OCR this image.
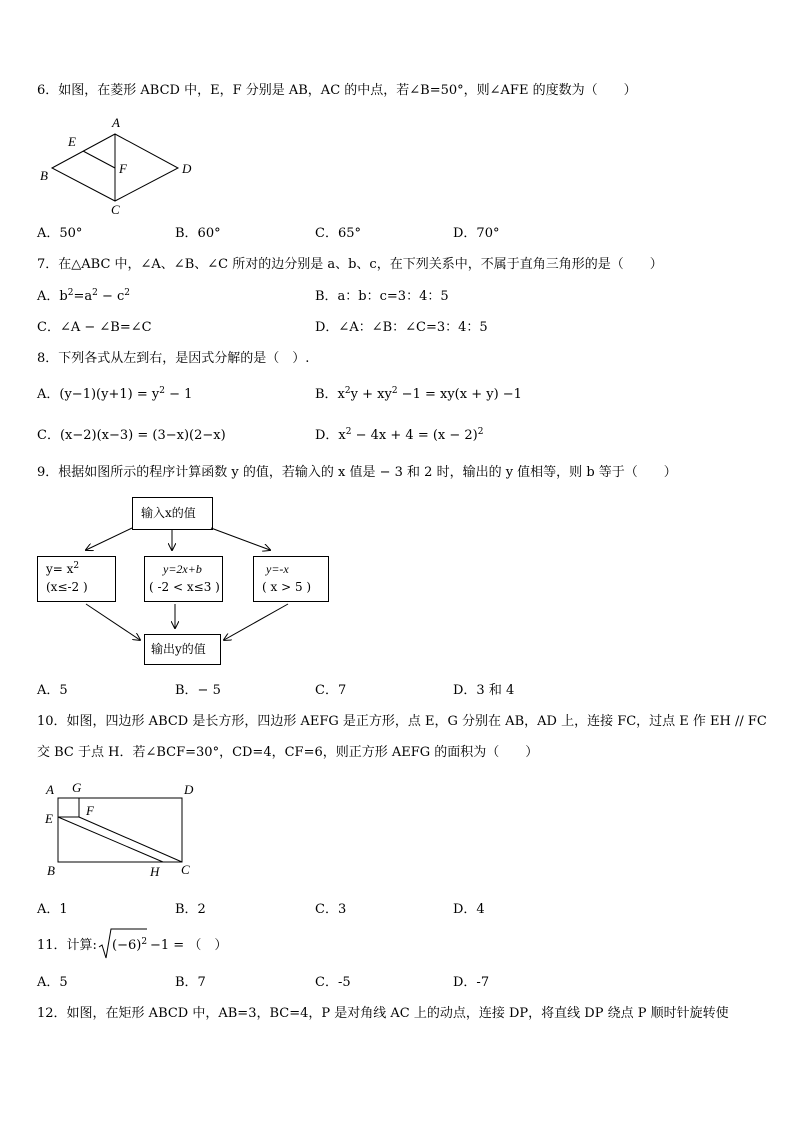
6．如图，在菱形 ABCD 中，E，F 分别是 AB，AC 的中点，若∠B=50°，则∠AFE 的度数为（　　）
A
E
B	F	D
C
A．50°	B．60°	C．65°	D．70°
7．在△ABC 中，∠A、∠B、∠C 所对的边分别是 a、b、c，在下列关系中，不属于直角三角形的是（　　）
A．$b^2=a^2 - c^2$	B．a：b：c=3：4：5
C．∠A − ∠B=∠C	D．∠A：∠B：∠C=3：4：5
8．下列各式从左到右，是因式分解的是（　）.
A．$(y-1)(y+1) = y^2 - 1$	B．$x^2y + xy^2 -1 = xy(x + y) -1$
C．(x−2)(x−3) = (3−x)(2−x)	D．$x^2 - 4x + 4 = (x - 2)^2$
9．根据如图所示的程序计算函数 y 的值，若输入的 x 值是 − 3 和 2 时，输出的 y 值相等，则 b 等于（　　）
输入x的值
$y= x^2$
(x≤-2 )
y=2x+b
( -2 < x≤3 )
y=-x
( x > 5 )
输出y的值
A．5	B．− 5	C．7	D．3 和 4
10．如图，四边形 ABCD 是长方形，四边形 AEFG 是正方形，点 E，G 分别在 AB，AD 上，连接 FC，过点 E 作 EH // FC
交 BC 于点 H．若∠BCF=30°，CD=4，CF=6，则正方形 AEFG 的面积为（　　）
A G	D
F
E
B	H C
A．1	B．2	C．3	D．4
11．计算: $(-6)^2 -1$ = （　）
A．5	B．7	C．-5	D．-7
12．如图，在矩形 ABCD 中，AB=3，BC=4，P 是对角线 AC 上的动点，连接 DP，将直线 DP 绕点 P 顺时针旋转使
